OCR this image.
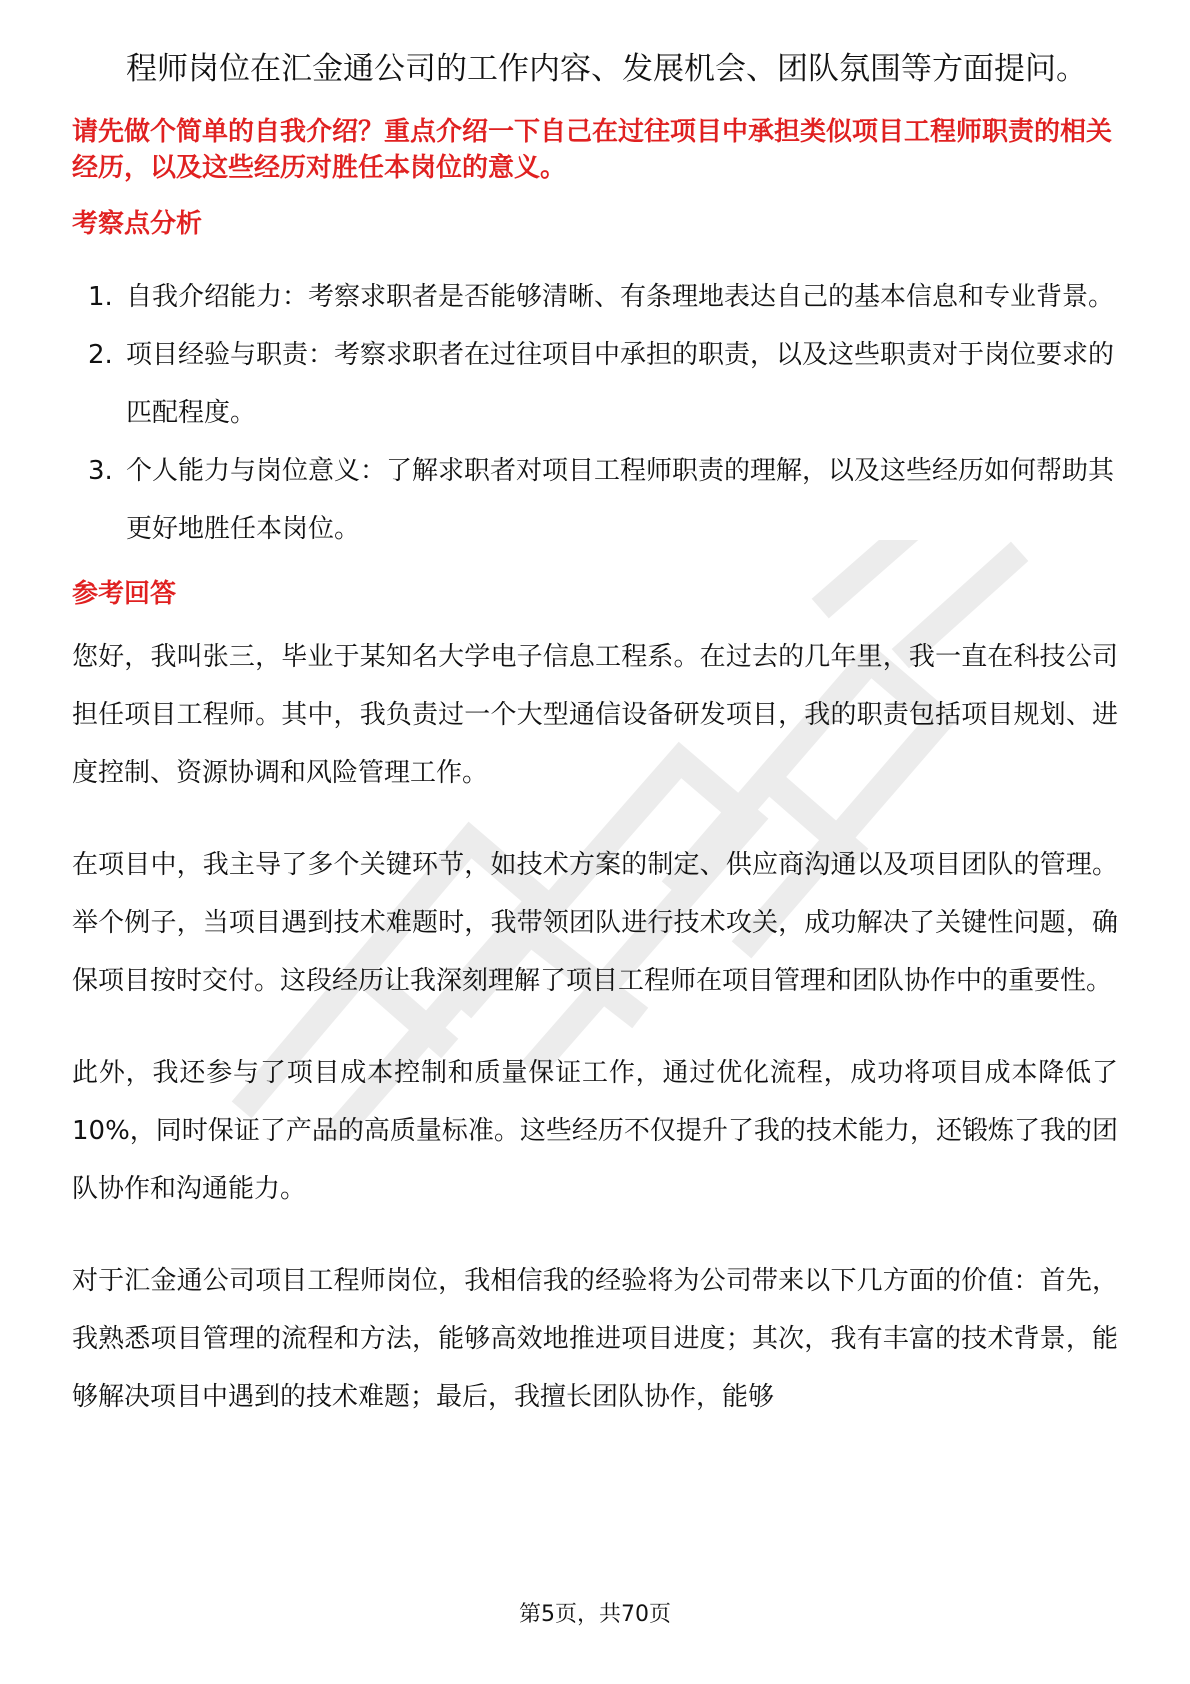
程师岗位在汇金通公司的工作内容、发展机会、团队氛围等方面提问。

请先做个简单的自我介绍？重点介绍一下自己在过往项目中承担类似项目工程师职责的相关经历，以及这些经历对胜任本岗位的意义。

考察点分析
1. 自我介绍能力：考察求职者是否能够清晰、有条理地表达自己的基本信息和专业背景。
2. 项目经验与职责：考察求职者在过往项目中承担的职责，以及这些职责对于岗位要求的匹配程度。
3. 个人能力与岗位意义：了解求职者对项目工程师职责的理解，以及这些经历如何帮助其更好地胜任本岗位。
参考回答

您好，我叫张三，毕业于某知名大学电子信息工程系。在过去的几年里，我一直在科技公司担任项目工程师。其中，我负责过一个大型通信设备研发项目，我的职责包括项目规划、进度控制、资源协调和风险管理工作。

在项目中，我主导了多个关键环节，如技术方案的制定、供应商沟通以及项目团队的管理。举个例子，当项目遇到技术难题时，我带领团队进行技术攻关，成功解决了关键性问题，确保项目按时交付。这段经历让我深刻理解了项目工程师在项目管理和团队协作中的重要性。

此外，我还参与了项目成本控制和质量保证工作，通过优化流程，成功将项目成本降低了10%，同时保证了产品的高质量标准。这些经历不仅提升了我的技术能力，还锻炼了我的团队协作和沟通能力。

对于汇金通公司项目工程师岗位，我相信我的经验将为公司带来以下几方面的价值：首先，我熟悉项目管理的流程和方法，能够高效地推进项目进度；其次，我有丰富的技术背景，能够解决项目中遇到的技术难题；最后，我擅长团队协作，能够

第5页，共70页
